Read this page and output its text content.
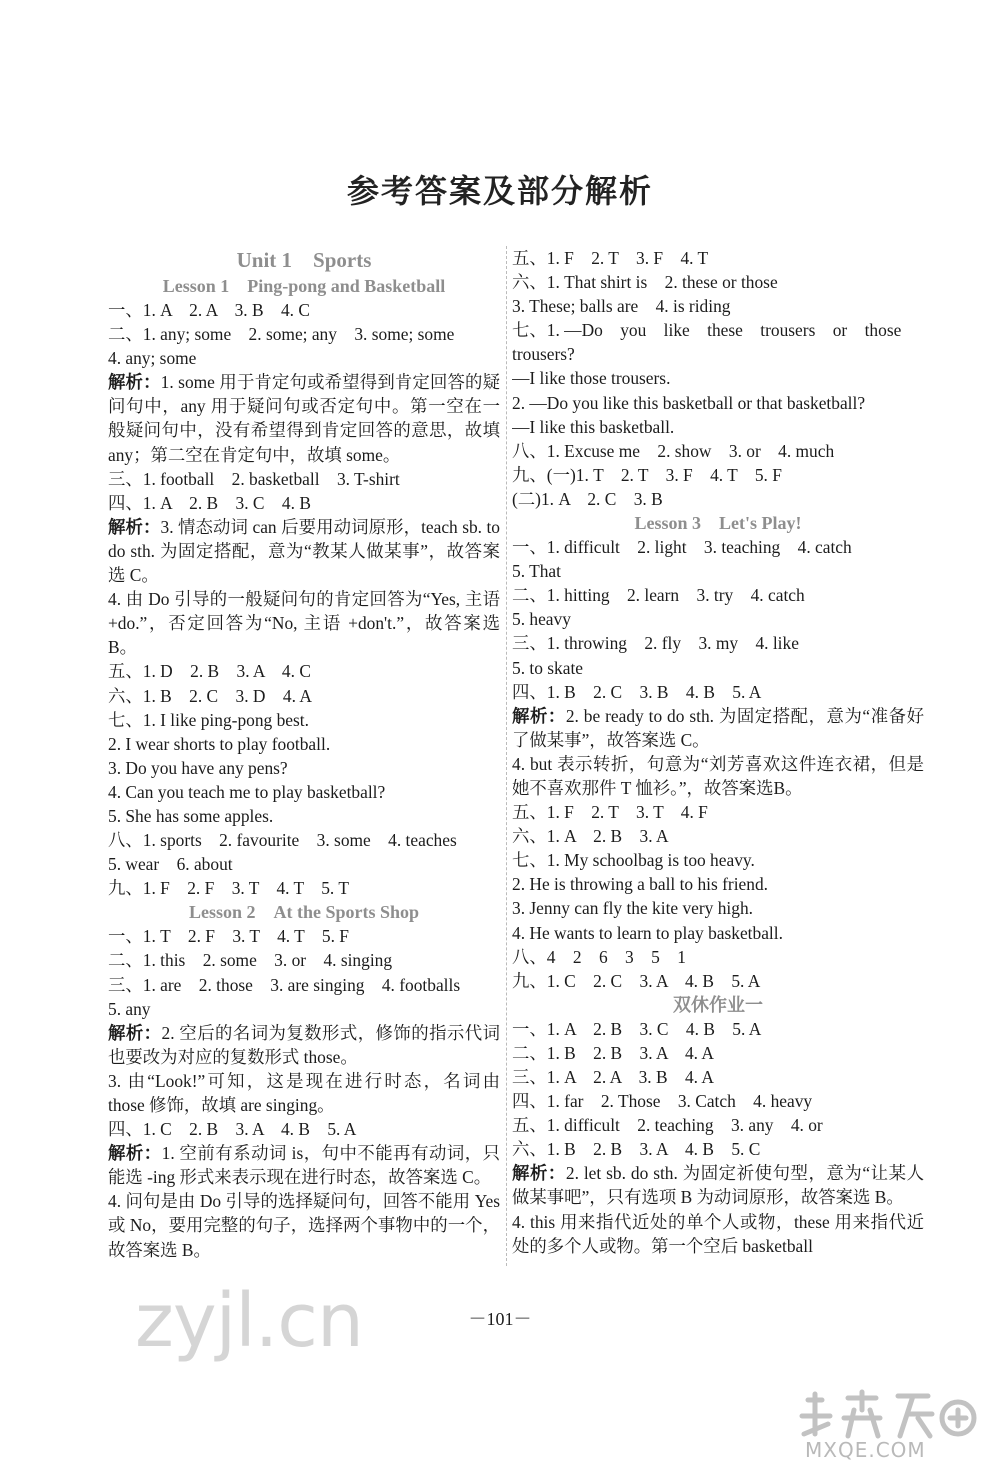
参考答案及部分解析
Unit 1　Sports
Lesson 1　Ping-pong and Basketball
一、1. A　2. A　3. B　4. C
二、1. any; some　2. some; any　3. some; some
4. any; some
解析：1. some 用于肯定句或希望得到肯定回答的疑问句中，any 用于疑问句或否定句中。第一空在一般疑问句中，没有希望得到肯定回答的意思，故填 any；第二空在肯定句中，故填 some。
三、1. football　2. basketball　3. T-shirt
四、1. A　2. B　3. C　4. B
解析：3. 情态动词 can 后要用动词原形，teach sb. to do sth. 为固定搭配，意为“教某人做某事”，故答案选 C。
4. 由 Do 引导的一般疑问句的肯定回答为“Yes, 主语 +do.”，否定回答为“No, 主语 +don't.”，故答案选 B。
五、1. D　2. B　3. A　4. C
六、1. B　2. C　3. D　4. A
七、1. I like ping-pong best.
2. I wear shorts to play football.
3. Do you have any pens?
4. Can you teach me to play basketball?
5. She has some apples.
八、1. sports　2. favourite　3. some　4. teaches
5. wear　6. about
九、1. F　2. F　3. T　4. T　5. T
Lesson 2　At the Sports Shop
一、1. T　2. F　3. T　4. T　5. F
二、1. this　2. some　3. or　4. singing
三、1. are　2. those　3. are singing　4. footballs
5. any
解析：2. 空后的名词为复数形式，修饰的指示代词也要改为对应的复数形式 those。
3. 由“Look!”可知，这是现在进行时态，名词由 those 修饰，故填 are singing。
四、1. C　2. B　3. A　4. B　5. A
解析：1. 空前有系动词 is，句中不能再有动词，只能选 -ing 形式来表示现在进行时态，故答案选 C。
4. 问句是由 Do 引导的选择疑问句，回答不能用 Yes 或 No，要用完整的句子，选择两个事物中的一个，故答案选 B。
五、1. F　2. T　3. F　4. T
六、1. That shirt is　2. these or those
3. These; balls are　4. is riding
七、1. —Do　you　like　these　trousers　or　those
trousers?
—I like those trousers.
2. —Do you like this basketball or that basketball?
—I like this basketball.
八、1. Excuse me　2. show　3. or　4. much
九、(一)1. T　2. T　3. F　4. T　5. F
(二)1. A　2. C　3. B
Lesson 3　Let's Play!
一、1. difficult　2. light　3. teaching　4. catch
5. That
二、1. hitting　2. learn　3. try　4. catch
5. heavy
三、1. throwing　2. fly　3. my　4. like
5. to skate
四、1. B　2. C　3. B　4. B　5. A
解析：2. be ready to do sth. 为固定搭配，意为“准备好了做某事”，故答案选 C。
4. but 表示转折，句意为“刘芳喜欢这件连衣裙，但是她不喜欢那件 T 恤衫。”，故答案选B。
五、1. F　2. T　3. T　4. F
六、1. A　2. B　3. A
七、1. My schoolbag is too heavy.
2. He is throwing a ball to his friend.
3. Jenny can fly the kite very high.
4. He wants to learn to play basketball.
八、4　2　6　3　5　1
九、1. C　2. C　3. A　4. B　5. A
双休作业一
一、1. A　2. B　3. C　4. B　5. A
二、1. B　2. B　3. A　4. A
三、1. A　2. A　3. B　4. A
四、1. far　2. Those　3. Catch　4. heavy
五、1. difficult　2. teaching　3. any　4. or
六、1. B　2. B　3. A　4. B　5. C
解析：2. let sb. do sth. 为固定祈使句型，意为“让某人做某事吧”，只有选项 B 为动词原形，故答案选 B。
4. this 用来指代近处的单个人或物，these 用来指代近处的多个人或物。第一个空后 basketball
－101－
zyjl.cn
MXQE.COM
